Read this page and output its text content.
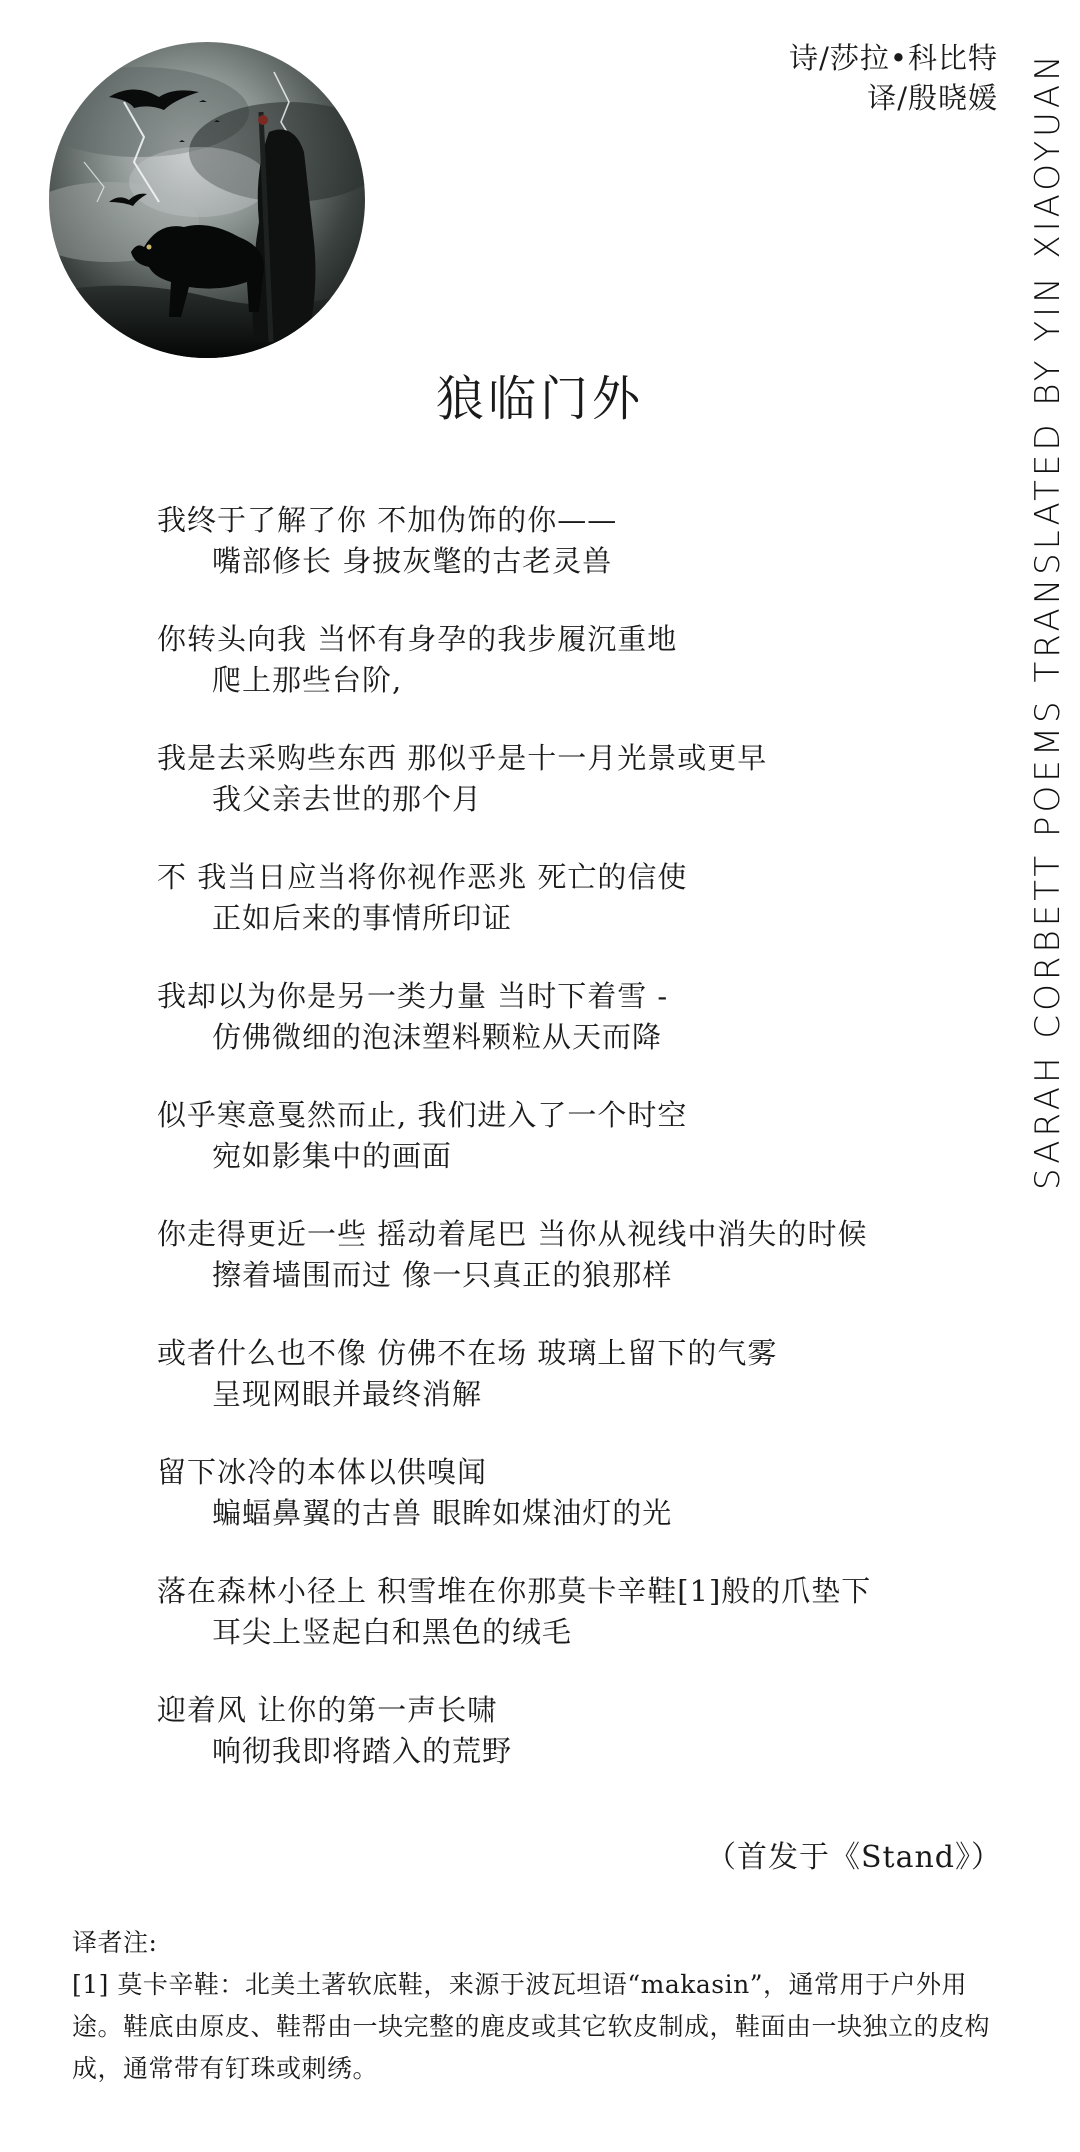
诗/莎拉•科比特
译/殷晓媛 SARAH CORBETT POEMS TRANSLATED BY YIN XIAOYUAN
狼临门外
我终于了解了你 不加伪饰的你——
嘴部修长 身披灰氅的古老灵兽
你转头向我 当怀有身孕的我步履沉重地
爬上那些台阶,
我是去采购些东西 那似乎是十一月光景或更早
我父亲去世的那个月
不 我当日应当将你视作恶兆 死亡的信使
正如后来的事情所印证
我却以为你是另一类力量 当时下着雪 -
仿佛微细的泡沫塑料颗粒从天而降
似乎寒意戛然而止, 我们进入了一个时空
宛如影集中的画面
你走得更近一些 摇动着尾巴 当你从视线中消失的时候
擦着墙围而过 像一只真正的狼那样
或者什么也不像 仿佛不在场 玻璃上留下的气雾
呈现网眼并最终消解
留下冰冷的本体以供嗅闻
蝙蝠鼻翼的古兽 眼眸如煤油灯的光
落在森林小径上 积雪堆在你那莫卡辛鞋[1]般的爪垫下
耳尖上竖起白和黑色的绒毛
迎着风 让你的第一声长啸
响彻我即将踏入的荒野
（首发于《Stand》）

译者注:

[1] 莫卡辛鞋：北美土著软底鞋，来源于波瓦坦语“makasin”，通常用于户外用途。鞋底由原皮、鞋帮由一块完整的鹿皮或其它软皮制成，鞋面由一块独立的皮构成，通常带有钉珠或刺绣。
